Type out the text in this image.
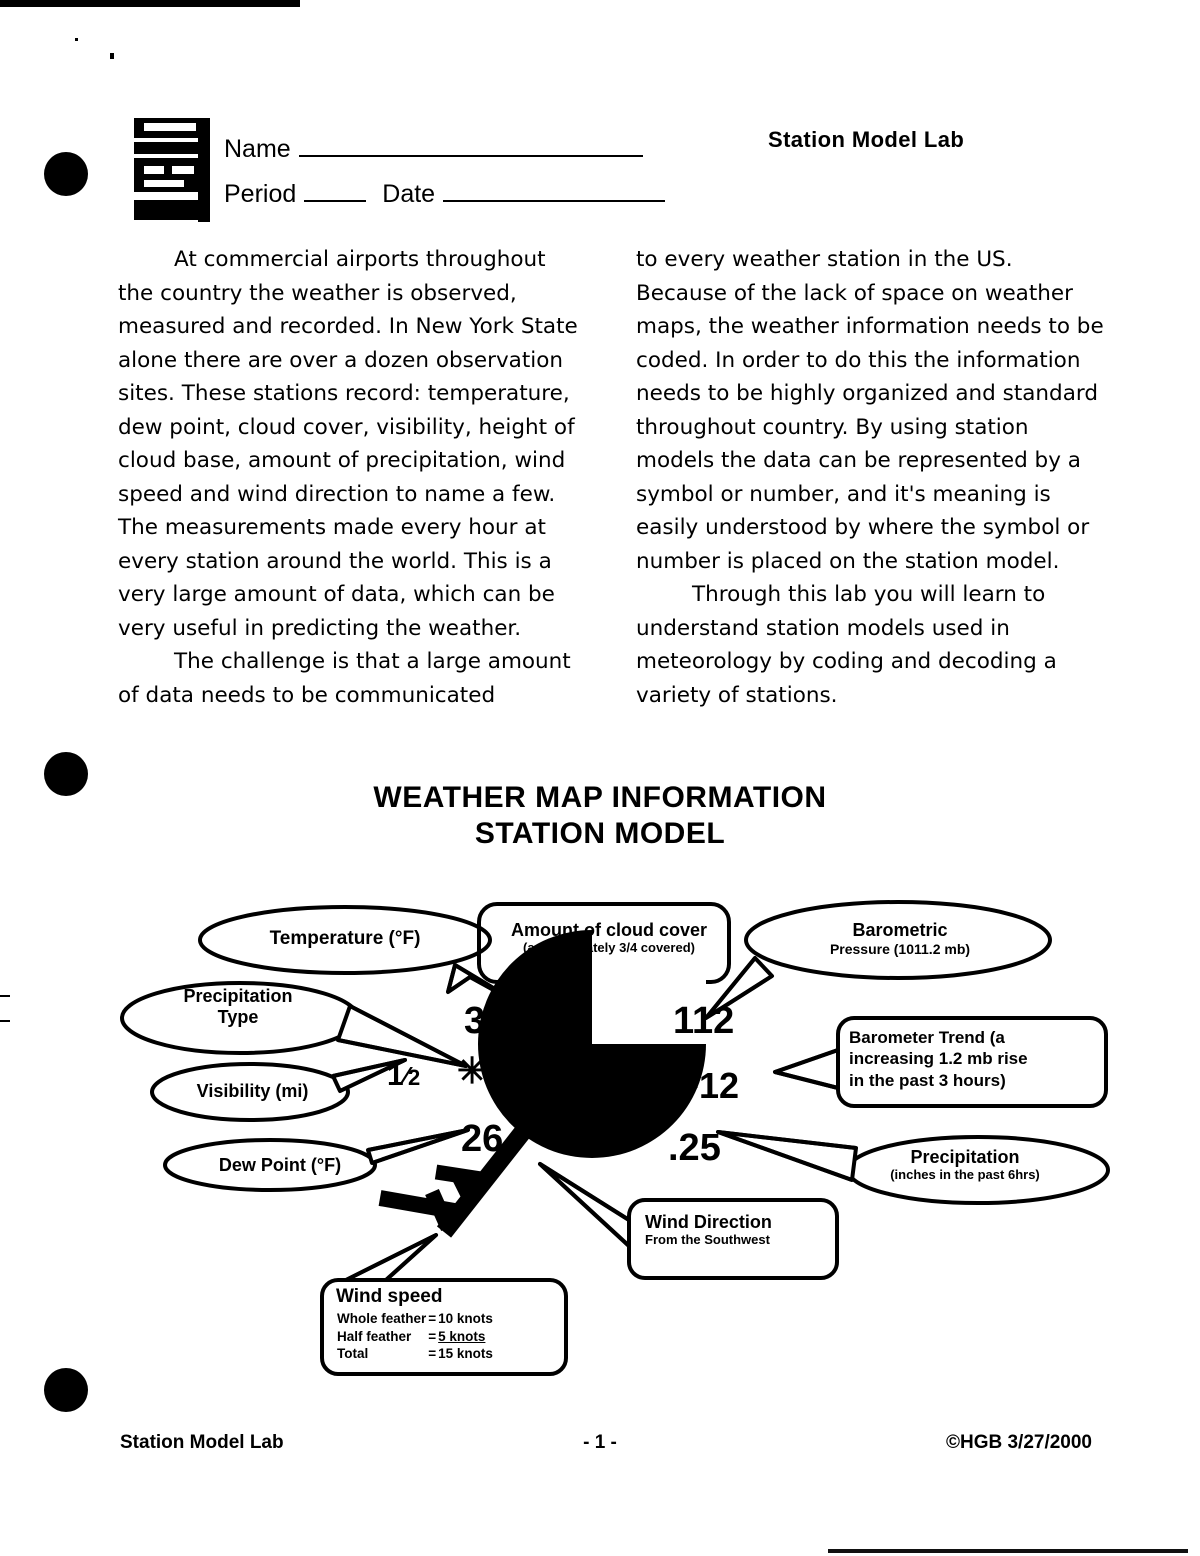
Name
Period	Date
Station Model Lab

At commercial airports throughout the country the weather is observed, measured and recorded. In New York State alone there are over a dozen observation sites. These stations record: temperature, dew point, cloud cover, visibility, height of cloud base, amount of precipitation, wind speed and wind direction to name a few. The measurements made every hour at every station around the world. This is a very large amount of data, which can be very useful in predicting the weather.

The challenge is that a large amount of data needs to be communicated

to every weather station in the US. Because of the lack of space on weather maps, the weather information needs to be coded. In order to do this the information needs to be highly organized and standard throughout country. By using station models the data can be represented by a symbol or number, and it's meaning is easily understood by where the symbol or number is placed on the station model.

Through this lab you will learn to understand station models used in meteorology by coding and decoding a variety of stations.

WEATHER MAP INFORMATION
STATION MODEL
Temperature (°F)	Amount of cloud cover
(approximately 3/4 covered)
Barometric
Pressure (1011.2 mb)
Precipitation
Type
Visibility (mi)
Dew Point (°F)
Barometer Trend (a
increasing 1.2 mb rise
in the past 3 hours)
Precipitation
(inches in the past 6hrs)
Wind Direction
From the Southwest
Wind speed
Whole feather	=	10 knots
Half feather	=	5 knots
Total	=	15 knots
31
1⁄2 ✳✳
26
112
+12
.25
Station Model Lab	- 1 -	©HGB 3/27/2000
